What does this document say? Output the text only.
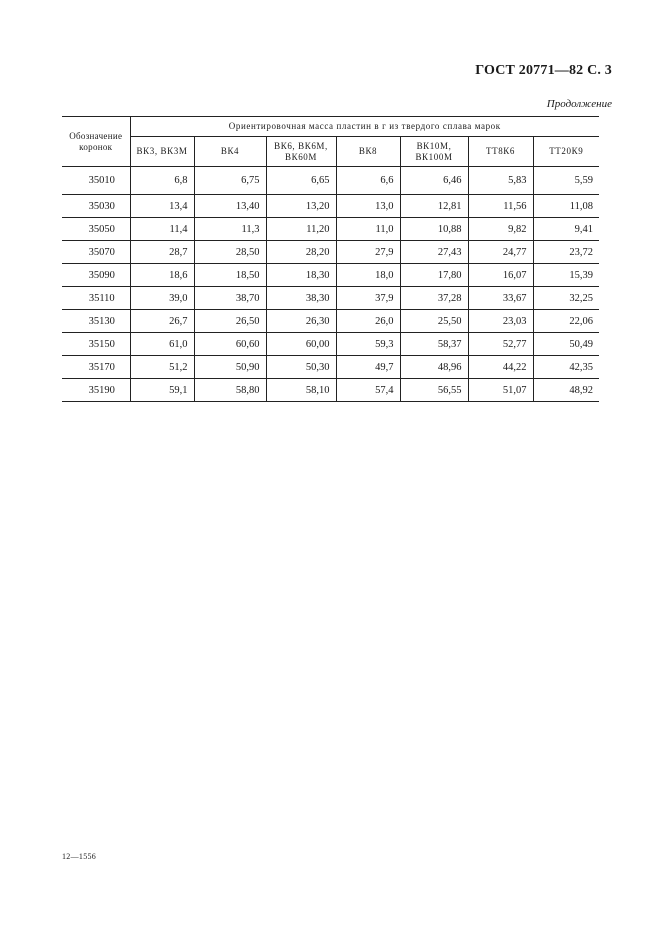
ГОСТ 20771—82 С. 3
Продолжение
Обозначение коронок	Ориентировочная масса пластин в г из твердого сплава марок						
	ВК3, ВК3М	ВК4	ВК6, ВК6М, ВК60М	ВК8	ВК10М, ВК100М	ТТ8К6	ТТ20К9
35010	6,8	6,75	6,65	6,6	6,46	5,83	5,59
35030	13,4	13,40	13,20	13,0	12,81	11,56	11,08
35050	11,4	11,3	11,20	11,0	10,88	9,82	9,41
35070	28,7	28,50	28,20	27,9	27,43	24,77	23,72
35090	18,6	18,50	18,30	18,0	17,80	16,07	15,39
35110	39,0	38,70	38,30	37,9	37,28	33,67	32,25
35130	26,7	26,50	26,30	26,0	25,50	23,03	22,06
35150	61,0	60,60	60,00	59,3	58,37	52,77	50,49
35170	51,2	50,90	50,30	49,7	48,96	44,22	42,35
35190	59,1	58,80	58,10	57,4	56,55	51,07	48,92
12—1556
